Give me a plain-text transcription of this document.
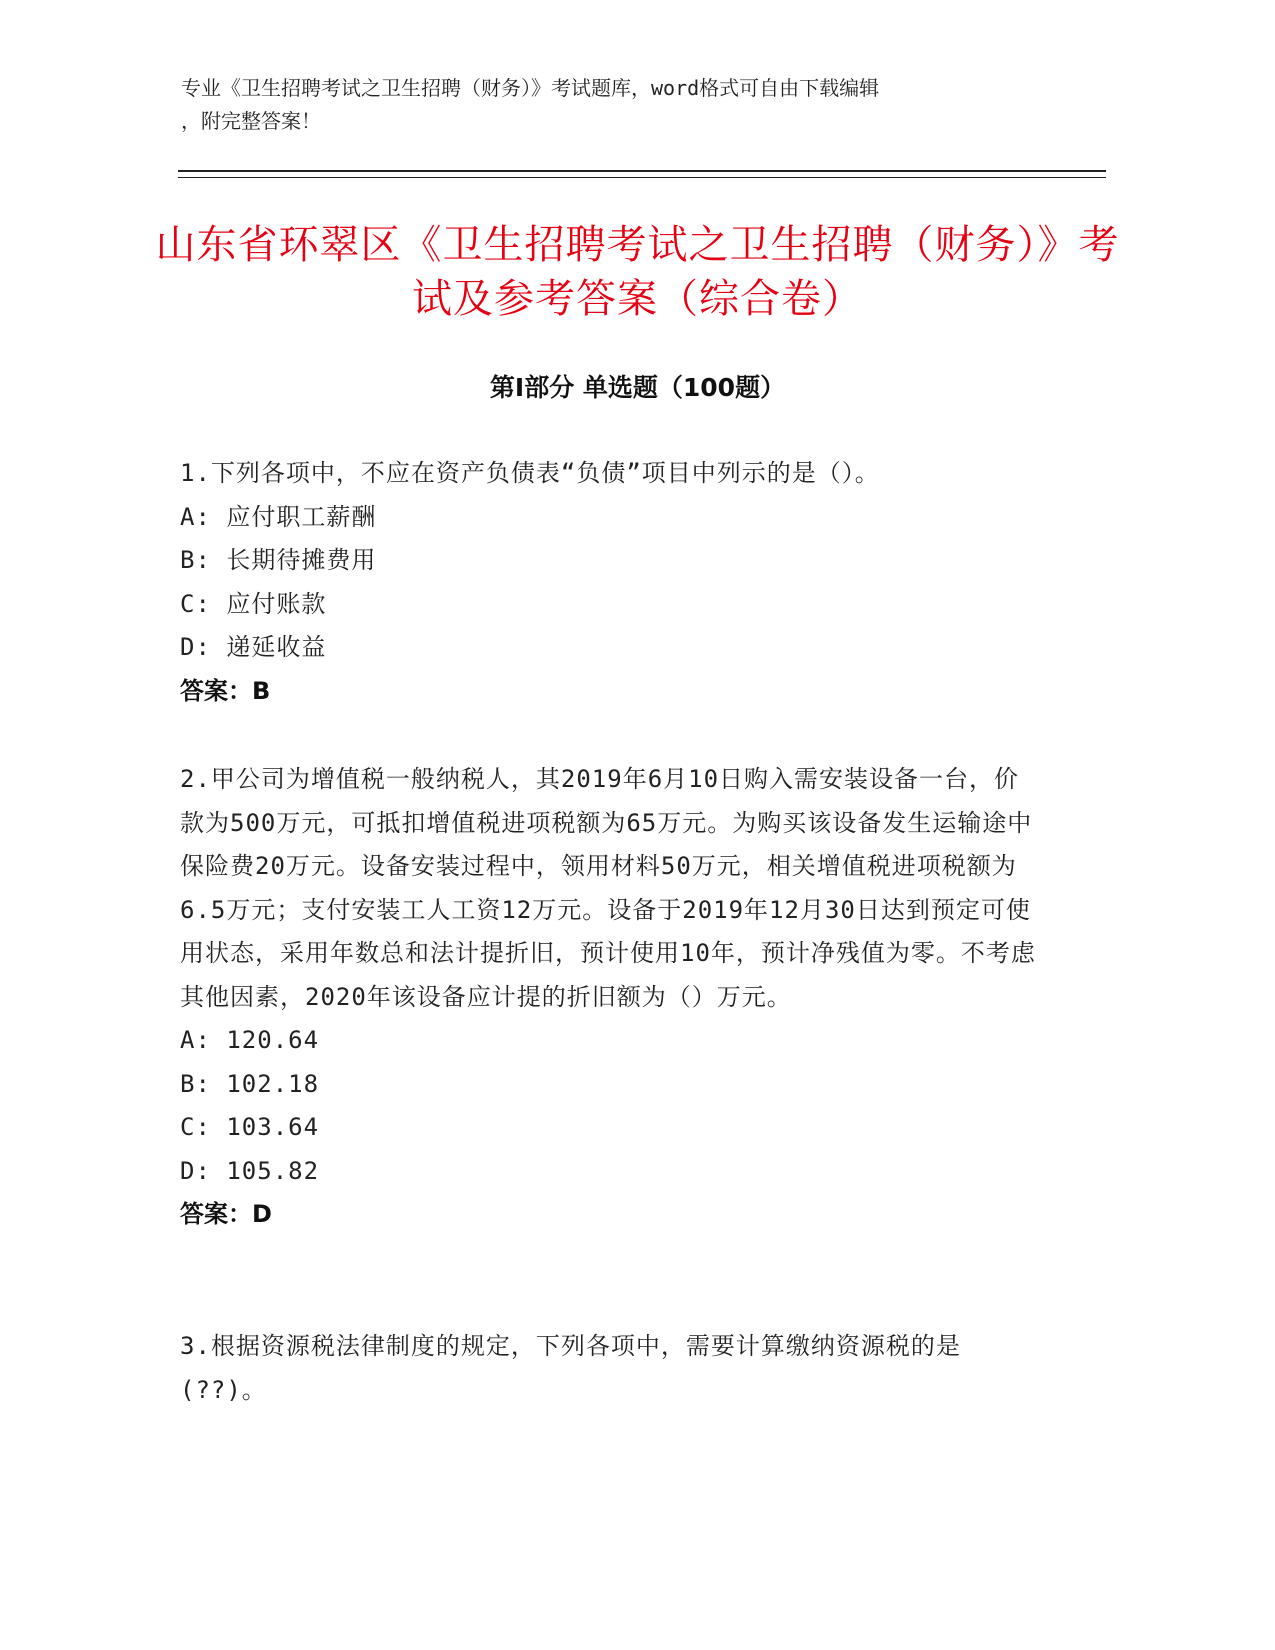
专业《卫生招聘考试之卫生招聘（财务）》考试题库，word格式可自由下载编辑
，附完整答案！
山东省环翠区《卫生招聘考试之卫生招聘（财务）》考试及参考答案（综合卷）
第Ⅰ部分 单选题（100题）
1.下列各项中，不应在资产负债表“负债”项目中列示的是（）。
A: 应付职工薪酬
B: 长期待摊费用
C: 应付账款
D: 递延收益
答案：B
2.甲公司为增值税一般纳税人，其2019年6月10日购入需安装设备一台，价款为500万元，可抵扣增值税进项税额为65万元。为购买该设备发生运输途中保险费20万元。设备安装过程中，领用材料50万元，相关增值税进项税额为6.5万元；支付安装工人工资12万元。设备于2019年12月30日达到预定可使用状态，采用年数总和法计提折旧，预计使用10年，预计净残值为零。不考虑其他因素，2020年该设备应计提的折旧额为（）万元。
A: 120.64
B: 102.18
C: 103.64
D: 105.82
答案：D
3.根据资源税法律制度的规定，下列各项中，需要计算缴纳资源税的是(??)。
